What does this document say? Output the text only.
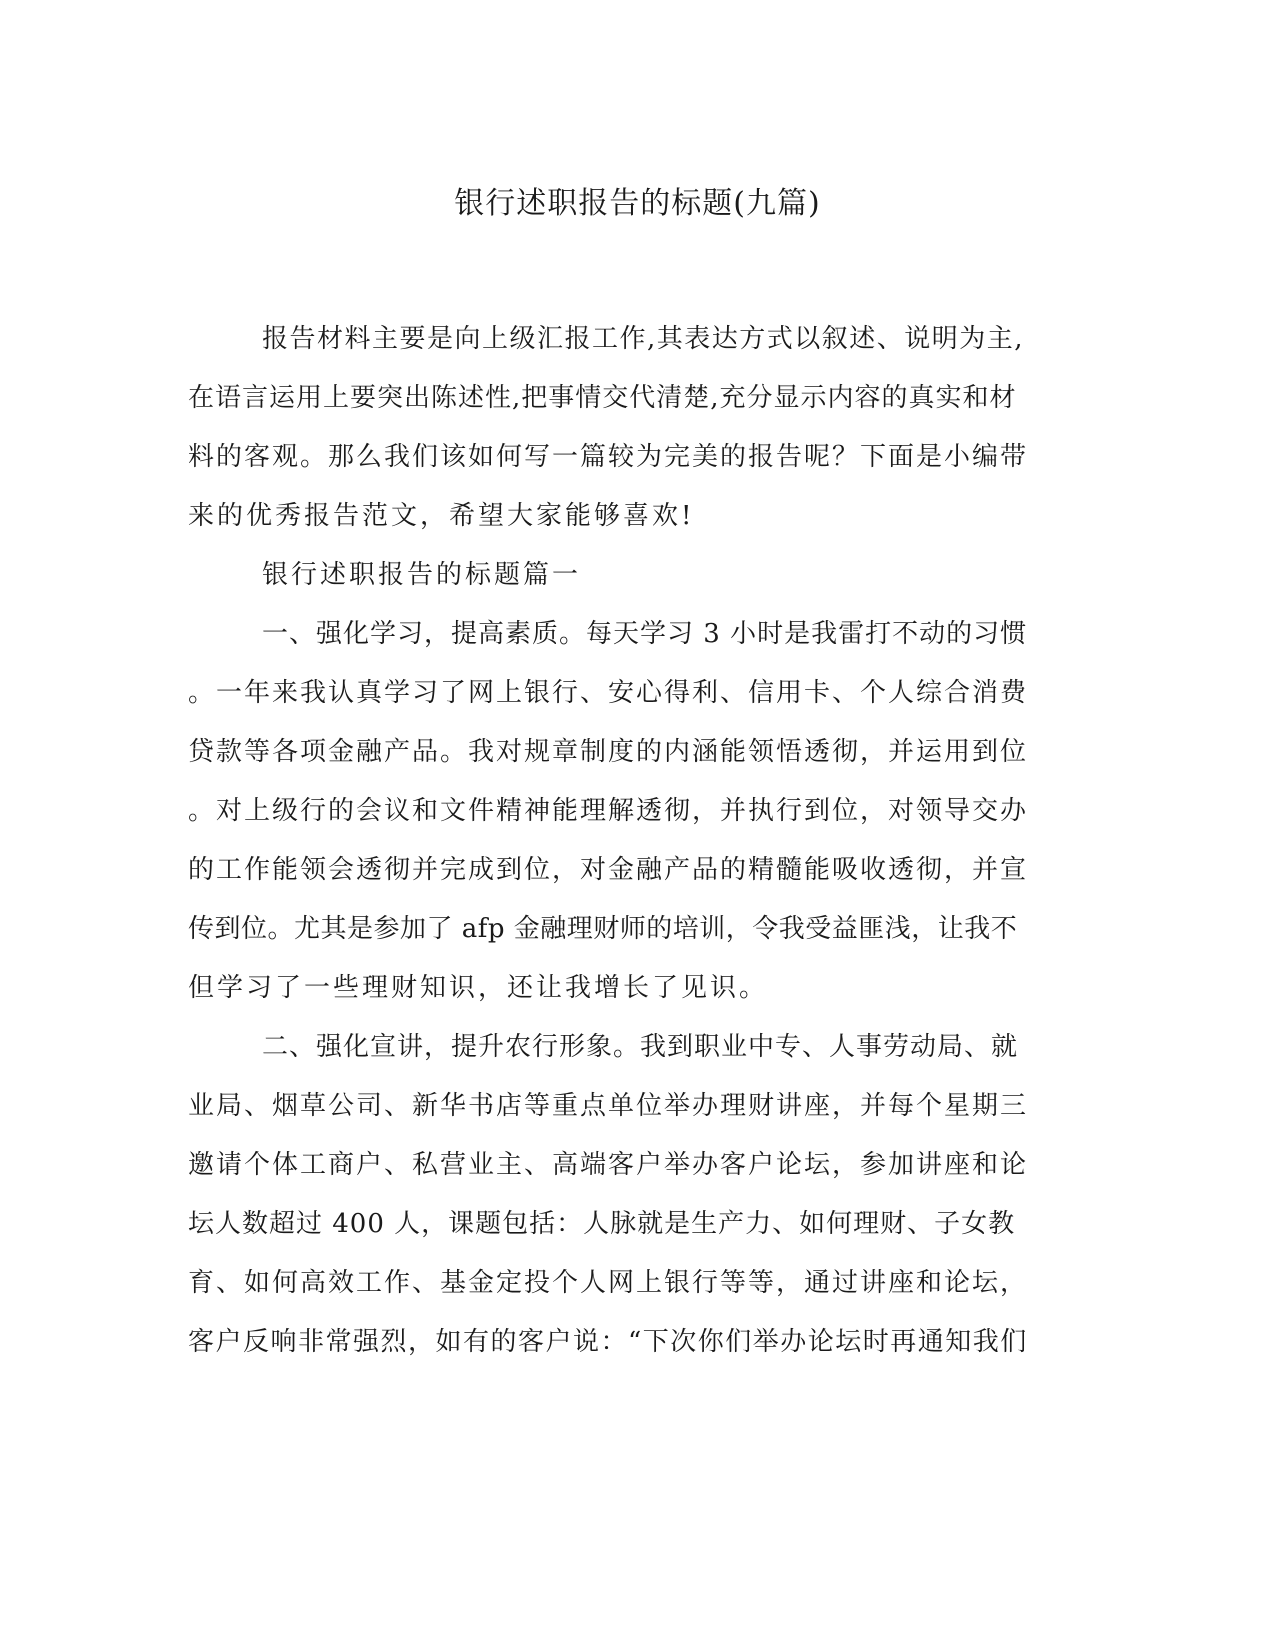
银行述职报告的标题(九篇)
报告材料主要是向上级汇报工作,其表达方式以叙述、说明为主,
在语言运用上要突出陈述性,把事情交代清楚,充分显示内容的真实和材
料的客观。那么我们该如何写一篇较为完美的报告呢？下面是小编带
来的优秀报告范文，希望大家能够喜欢!
银行述职报告的标题篇一
一、强化学习，提高素质。每天学习 3 小时是我雷打不动的习惯
。一年来我认真学习了网上银行、安心得利、信用卡、个人综合消费
贷款等各项金融产品。我对规章制度的内涵能领悟透彻，并运用到位
。对上级行的会议和文件精神能理解透彻，并执行到位，对领导交办
的工作能领会透彻并完成到位，对金融产品的精髓能吸收透彻，并宣
传到位。尤其是参加了 afp 金融理财师的培训，令我受益匪浅，让我不
但学习了一些理财知识，还让我增长了见识。
二、强化宣讲，提升农行形象。我到职业中专、人事劳动局、就
业局、烟草公司、新华书店等重点单位举办理财讲座，并每个星期三
邀请个体工商户、私营业主、高端客户举办客户论坛，参加讲座和论
坛人数超过 400 人，课题包括：人脉就是生产力、如何理财、子女教
育、如何高效工作、基金定投个人网上银行等等，通过讲座和论坛，
客户反响非常强烈，如有的客户说：“下次你们举办论坛时再通知我们
